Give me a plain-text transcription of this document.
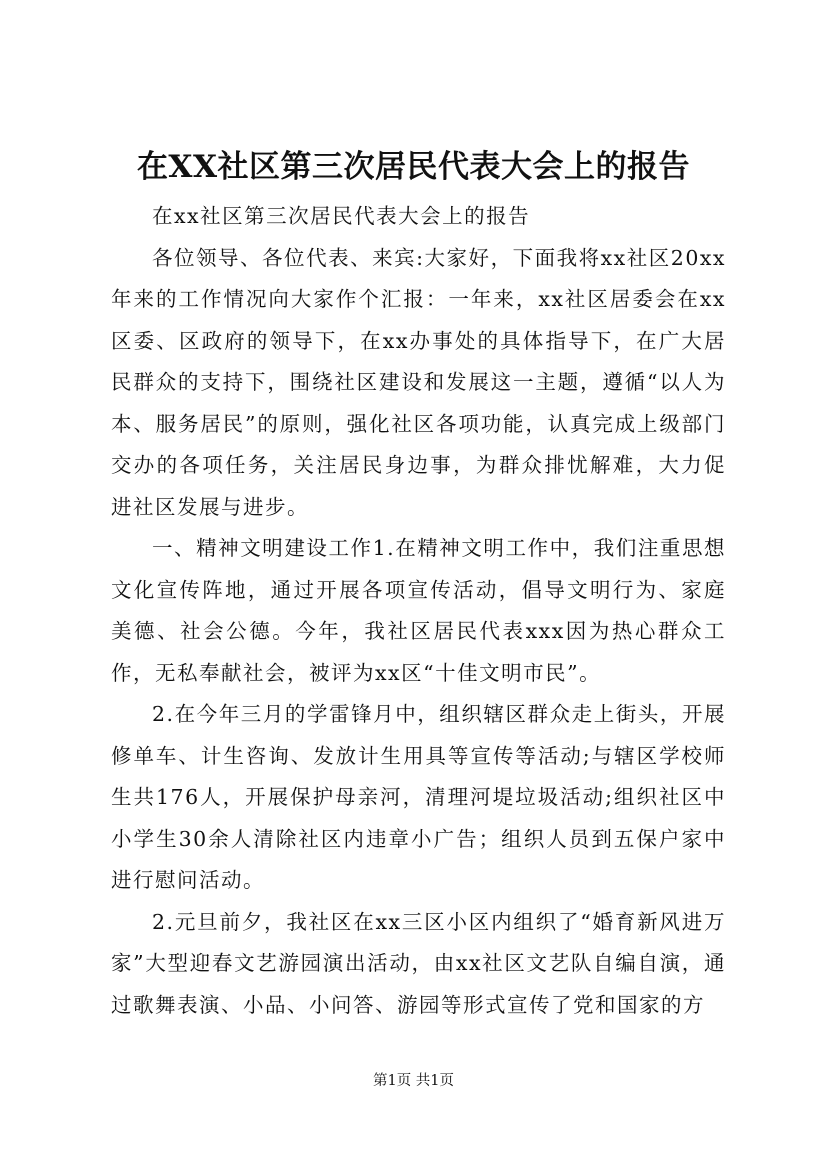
在XX社区第三次居民代表大会上的报告

在xx社区第三次居民代表大会上的报告

各位领导、各位代表、来宾:大家好，下面我将xx社区20xx年来的工作情况向大家作个汇报：一年来，xx社区居委会在xx区委、区政府的领导下，在xx办事处的具体指导下，在广大居民群众的支持下，围绕社区建设和发展这一主题，遵循“以人为本、服务居民”的原则，强化社区各项功能，认真完成上级部门交办的各项任务，关注居民身边事，为群众排忧解难，大力促进社区发展与进步。

一、精神文明建设工作1.在精神文明工作中，我们注重思想文化宣传阵地，通过开展各项宣传活动，倡导文明行为、家庭美德、社会公德。今年，我社区居民代表xxx因为热心群众工作，无私奉献社会，被评为xx区“十佳文明市民”。

2.在今年三月的学雷锋月中，组织辖区群众走上街头，开展修单车、计生咨询、发放计生用具等宣传等活动;与辖区学校师生共176人，开展保护母亲河，清理河堤垃圾活动;组织社区中小学生30余人清除社区内违章小广告；组织人员到五保户家中进行慰问活动。

2.元旦前夕，我社区在xx三区小区内组织了“婚育新风进万家”大型迎春文艺游园演出活动，由xx社区文艺队自编自演，通过歌舞表演、小品、小问答、游园等形式宣传了党和国家的方

第1页 共1页
